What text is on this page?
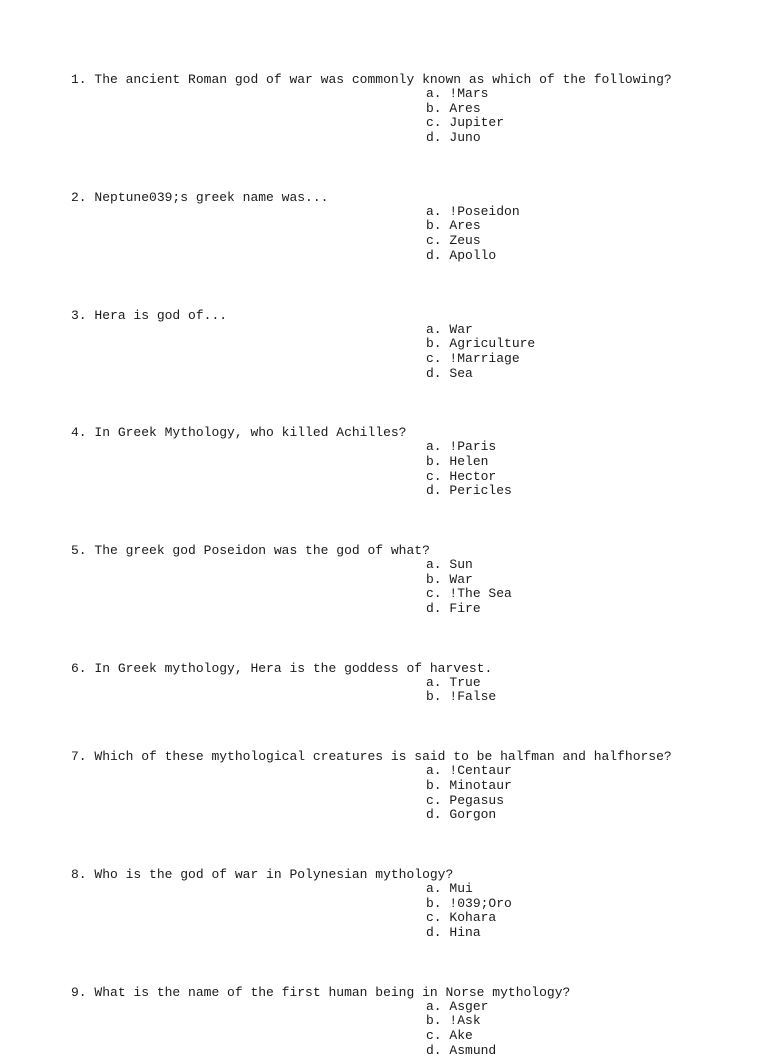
1. The ancient Roman god of war was commonly known as which of the following?
a. !Mars
b. Ares
c. Jupiter
d. Juno
2. Neptune039;s greek name was...
a. !Poseidon
b. Ares
c. Zeus
d. Apollo
3. Hera is god of...
a. War
b. Agriculture
c. !Marriage
d. Sea
4. In Greek Mythology, who killed Achilles?
a. !Paris
b. Helen
c. Hector
d. Pericles
5. The greek god Poseidon was the god of what?
a. Sun
b. War
c. !The Sea
d. Fire
6. In Greek mythology, Hera is the goddess of harvest.
a. True
b. !False
7. Which of these mythological creatures is said to be halfman and halfhorse?
a. !Centaur
b. Minotaur
c. Pegasus
d. Gorgon
8. Who is the god of war in Polynesian mythology?
a. Mui
b. !039;Oro
c. Kohara
d. Hina
9. What is the name of the first human being in Norse mythology?
a. Asger
b. !Ask
c. Ake
d. Asmund
